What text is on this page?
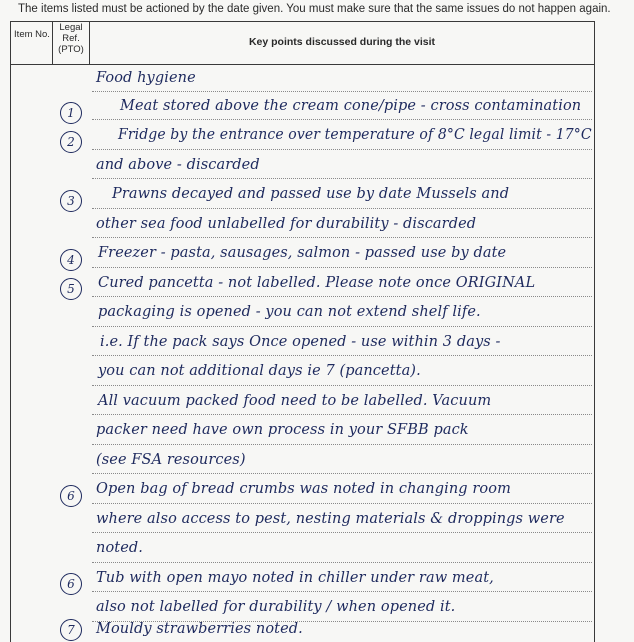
The items listed must be actioned by the date given. You must make sure that the same issues do not happen again.
Item No.
Legal Ref. (PTO)
Key points discussed during the visit
Food hygiene
1
2
3
4
5
6
6
7
Meat stored above the cream cone/pipe - cross contamination
Fridge by the entrance over temperature of 8°C legal limit - 17°C
and above - discarded
Prawns decayed and passed use by date Mussels and
other sea food unlabelled for durability - discarded
Freezer - pasta, sausages, salmon - passed use by date
Cured pancetta - not labelled. Please note once ORIGINAL
packaging is opened - you can not extend shelf life.
i.e. If the pack says Once opened - use within 3 days -
you can not additional days ie 7 (pancetta).
All vacuum packed food need to be labelled. Vacuum
packer need have own process in your SFBB pack
(see FSA resources)
Open bag of bread crumbs was noted in changing room
where also access to pest, nesting materials & droppings were
noted.
Tub with open mayo noted in chiller under raw meat,
also not labelled for durability / when opened it.
Mouldy strawberries noted.
